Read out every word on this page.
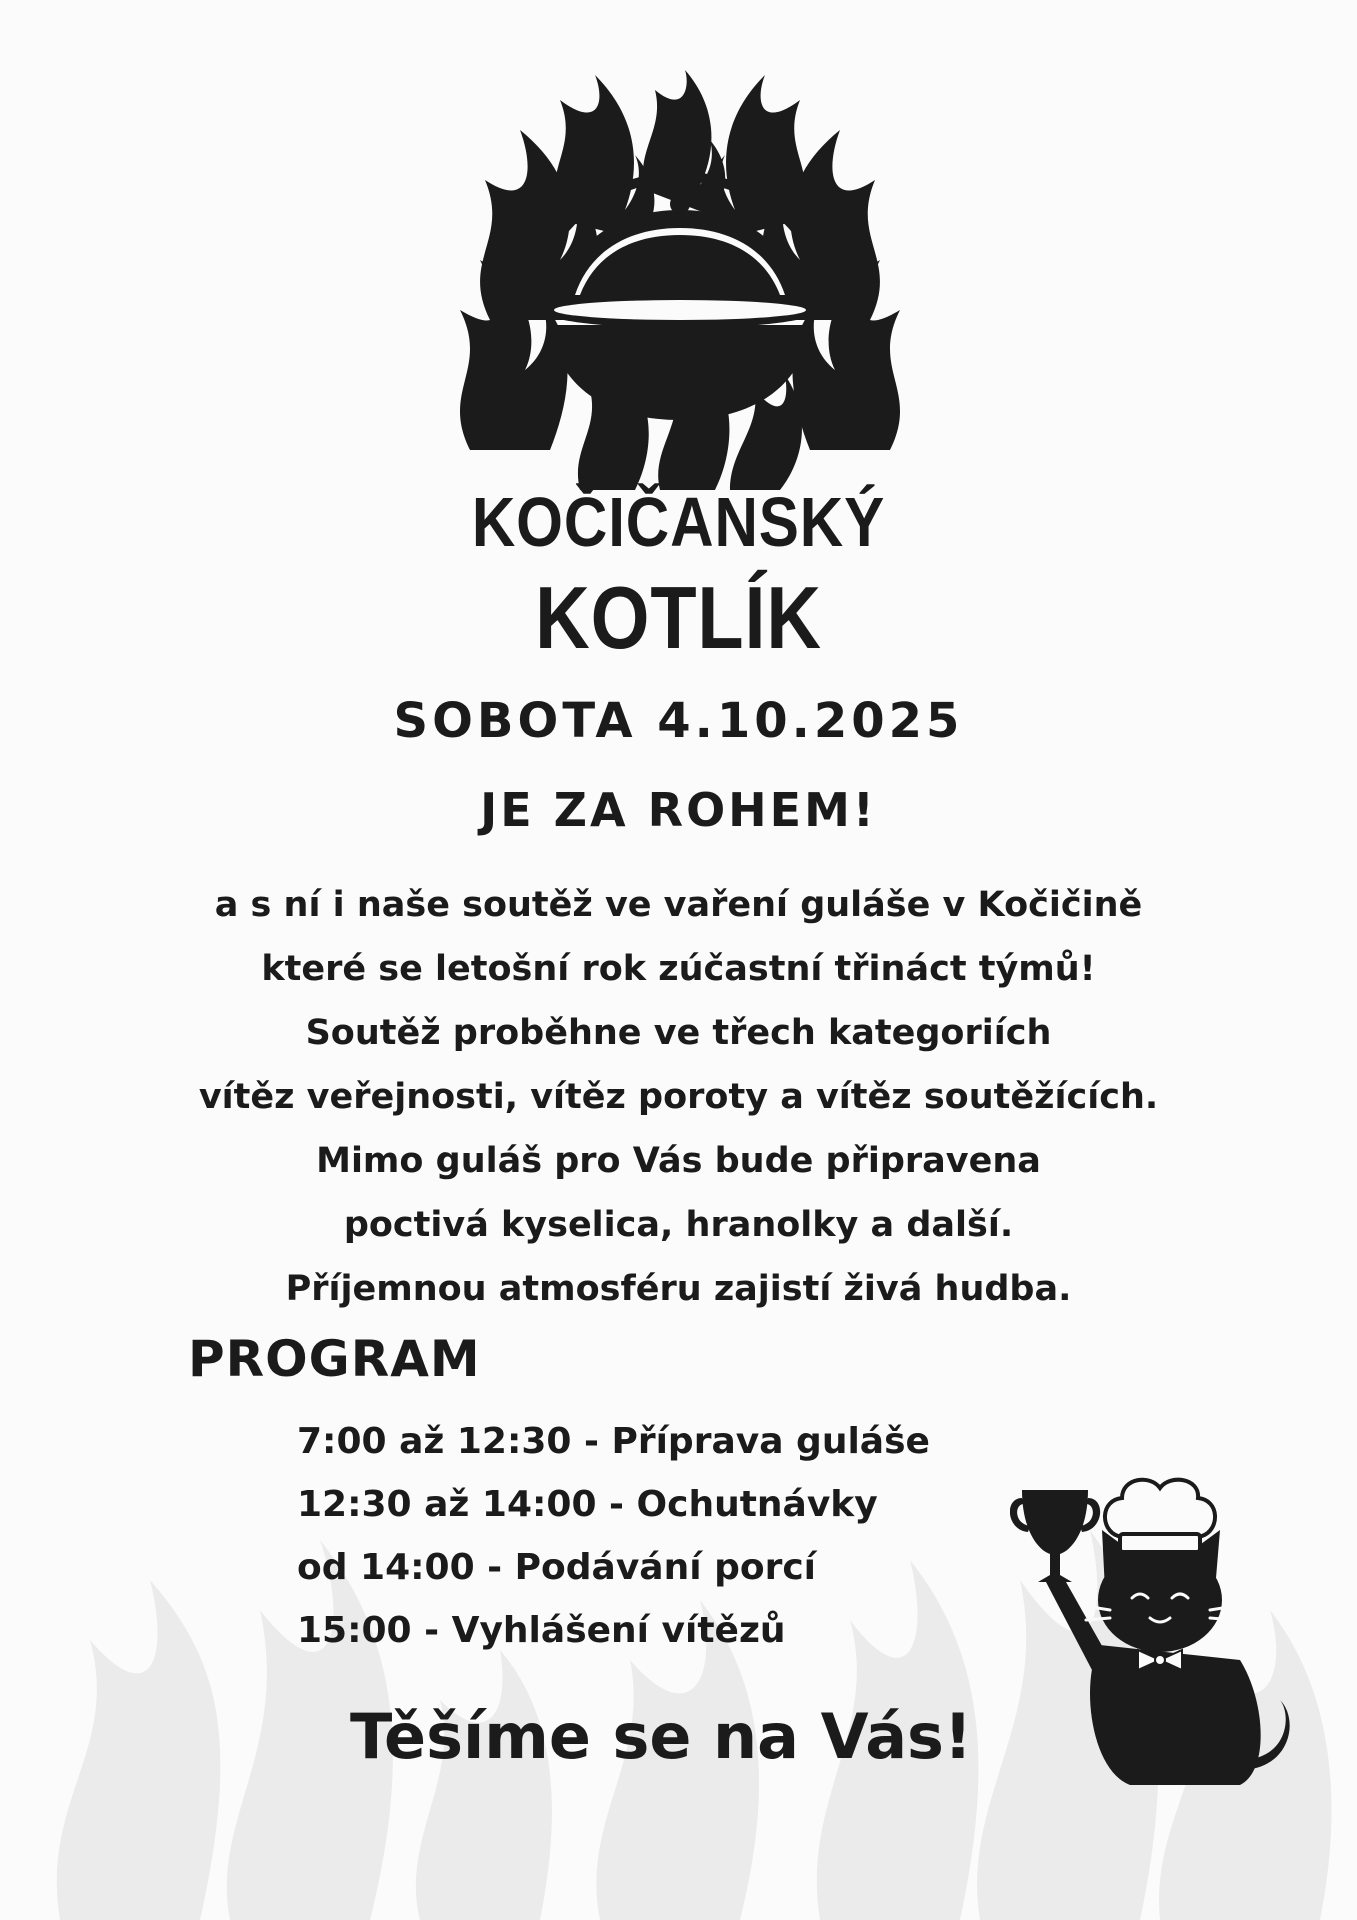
KOČIČANSKÝ
KOTLÍK
SOBOTA 4.10.2025
JE ZA ROHEM!
a s ní i naše soutěž ve vaření guláše v Kočičině
které se letošní rok zúčastní třináct týmů!
Soutěž proběhne ve třech kategoriích
vítěz veřejnosti, vítěz poroty a vítěz soutěžících.
Mimo guláš pro Vás bude připravena
poctivá kyselica, hranolky a další.
Příjemnou atmosféru zajistí živá hudba.
PROGRAM
7:00 až 12:30 - Příprava guláše
12:30 až 14:00 - Ochutnávky
od 14:00 - Podávání porcí
15:00 - Vyhlášení vítězů
Těšíme se na Vás!
